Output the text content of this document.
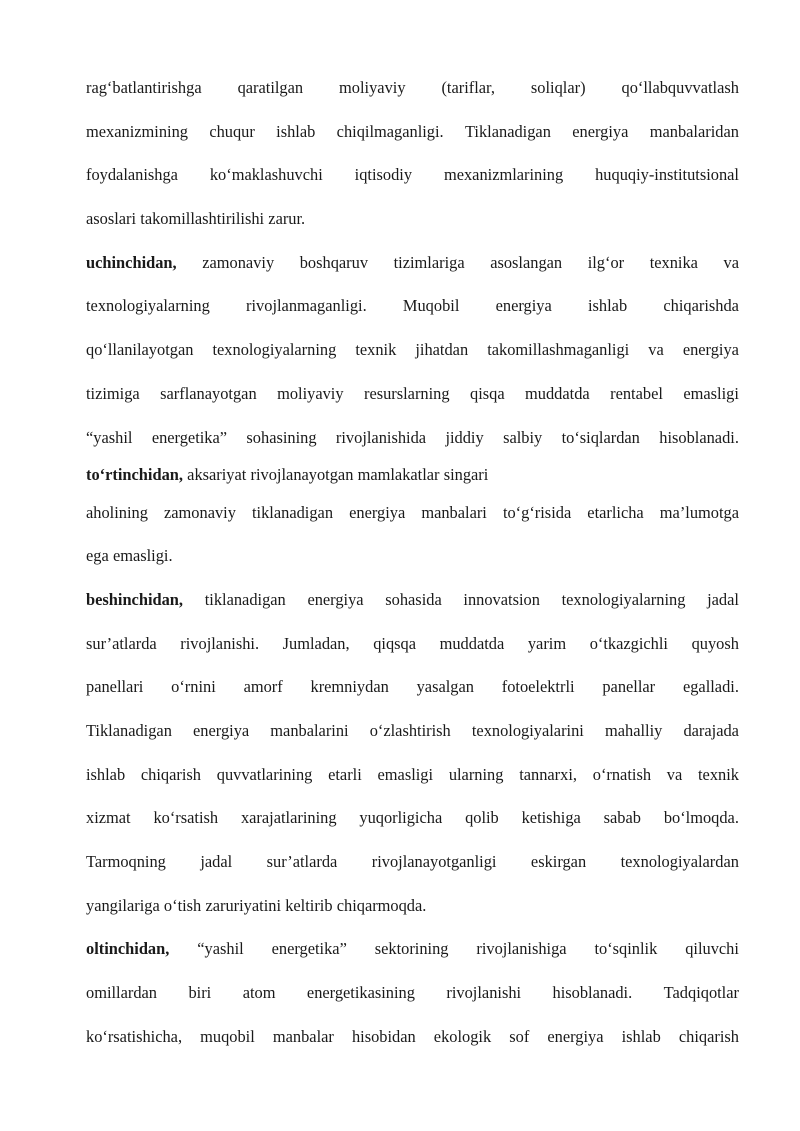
rag‘batlantirishga qaratilgan moliyaviy (tariflar, soliqlar) qo‘llabquvvatlash
mexanizmining chuqur ishlab chiqilmaganligi. Tiklanadigan energiya manbalaridan
foydalanishga ko‘maklashuvchi iqtisodiy mexanizmlarining huquqiy-institutsional
asoslari takomillashtirilishi zarur.
uchinchidan, zamonaviy boshqaruv tizimlariga asoslangan ilg‘or texnika va
texnologiyalarning rivojlanmaganligi. Muqobil energiya ishlab chiqarishda
qo‘llanilayotgan texnologiyalarning texnik jihatdan takomillashmaganligi va energiya
tizimiga sarflanayotgan moliyaviy resurslarning qisqa muddatda rentabel emasligi
“yashil energetika” sohasining rivojlanishida jiddiy salbiy to‘siqlardan hisoblanadi.
to‘rtinchidan, aksariyat rivojlanayotgan mamlakatlar singari
aholining zamonaviy tiklanadigan energiya manbalari to‘g‘risida etarlicha ma’lumotga
ega emasligi.
beshinchidan, tiklanadigan energiya sohasida innovatsion texnologiyalarning jadal
sur’atlarda rivojlanishi. Jumladan, qiqsqa muddatda yarim o‘tkazgichli quyosh
panellari o‘rnini amorf kremniydan yasalgan fotoelektrli panellar egalladi.
Tiklanadigan energiya manbalarini o‘zlashtirish texnologiyalarini mahalliy darajada
ishlab chiqarish quvvatlarining etarli emasligi ularning tannarxi, o‘rnatish va texnik
xizmat ko‘rsatish xarajatlarining yuqorligicha qolib ketishiga sabab bo‘lmoqda.
Tarmoqning jadal sur’atlarda rivojlanayotganligi eskirgan texnologiyalardan
yangilariga o‘tish zaruriyatini keltirib chiqarmoqda.
oltinchidan, “yashil energetika” sektorining rivojlanishiga to‘sqinlik qiluvchi
omillardan biri atom energetikasining rivojlanishi hisoblanadi. Tadqiqotlar
ko‘rsatishicha, muqobil manbalar hisobidan ekologik sof energiya ishlab chiqarish
